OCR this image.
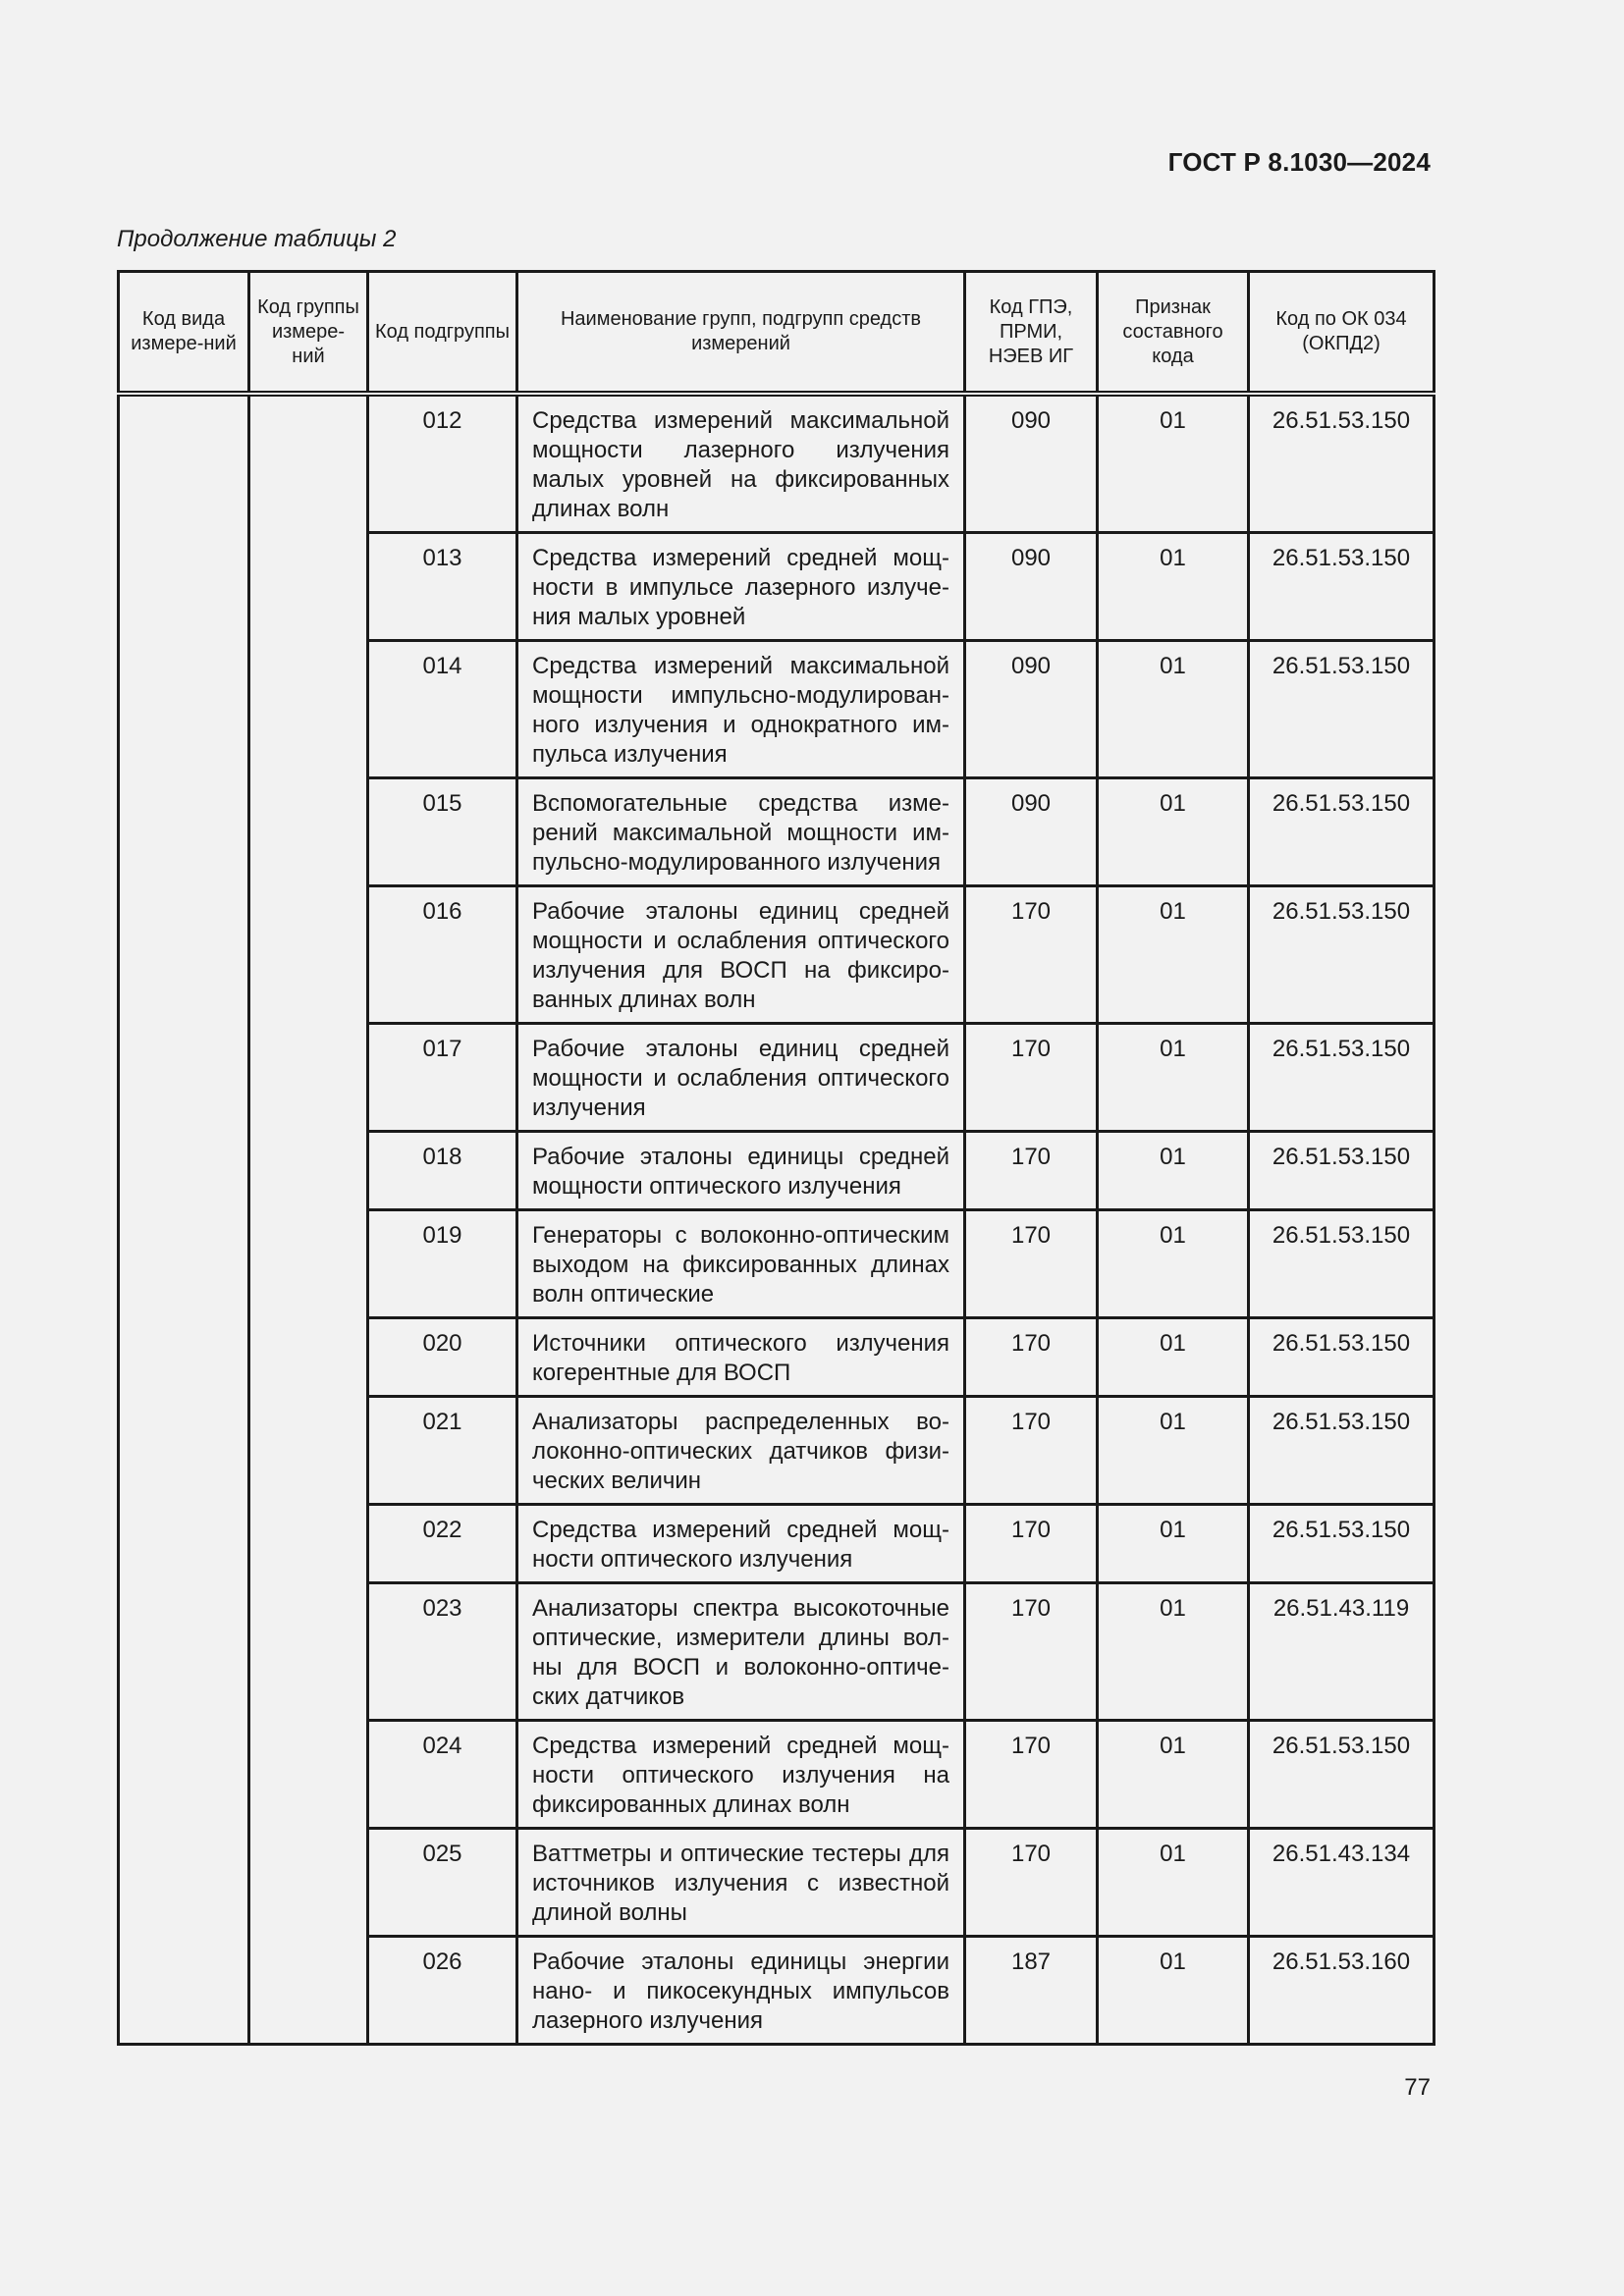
ГОСТ Р 8.1030—2024
Продолжение таблицы 2
Код вида измере-ний	Код группы измере-ний	Код подгруппы	Наименование групп, подгрупп средств измерений	Код ГПЭ, ПРМИ, НЭЕВ ИГ	Признак составного кода	Код по ОК 034 (ОКПД2)
		012	Средства измерений максимальной мощности лазерного излучения малых уровней на фиксированных длинах волн	090	01	26.51.53.150
		013	Средства измерений средней мощности в импульсе лазерного излучения малых уровней	090	01	26.51.53.150
		014	Средства измерений максимальной мощности импульсно-модулированного излучения и однократного импульса излучения	090	01	26.51.53.150
		015	Вспомогательные средства измерений максимальной мощности импульсно-модулированного излучения	090	01	26.51.53.150
		016	Рабочие эталоны единиц средней мощности и ослабления оптического излучения для ВОСП на фиксированных длинах волн	170	01	26.51.53.150
		017	Рабочие эталоны единиц средней мощности и ослабления оптического излучения	170	01	26.51.53.150
		018	Рабочие эталоны единицы средней мощности оптического излучения	170	01	26.51.53.150
		019	Генераторы с волоконно-оптическим выходом на фиксированных длинах волн оптические	170	01	26.51.53.150
		020	Источники оптического излучения когерентные для ВОСП	170	01	26.51.53.150
		021	Анализаторы распределенных волоконно-оптических датчиков физических величин	170	01	26.51.53.150
		022	Средства измерений средней мощности оптического излучения	170	01	26.51.53.150
		023	Анализаторы спектра высокоточные оптические, измерители длины волны для ВОСП и волоконно-оптических датчиков	170	01	26.51.43.119
		024	Средства измерений средней мощности оптического излучения на фиксированных длинах волн	170	01	26.51.53.150
		025	Ваттметры и оптические тестеры для источников излучения с известной длиной волны	170	01	26.51.43.134
		026	Рабочие эталоны единицы энергии нано- и пикосекундных импульсов лазерного излучения	187	01	26.51.53.160
77
